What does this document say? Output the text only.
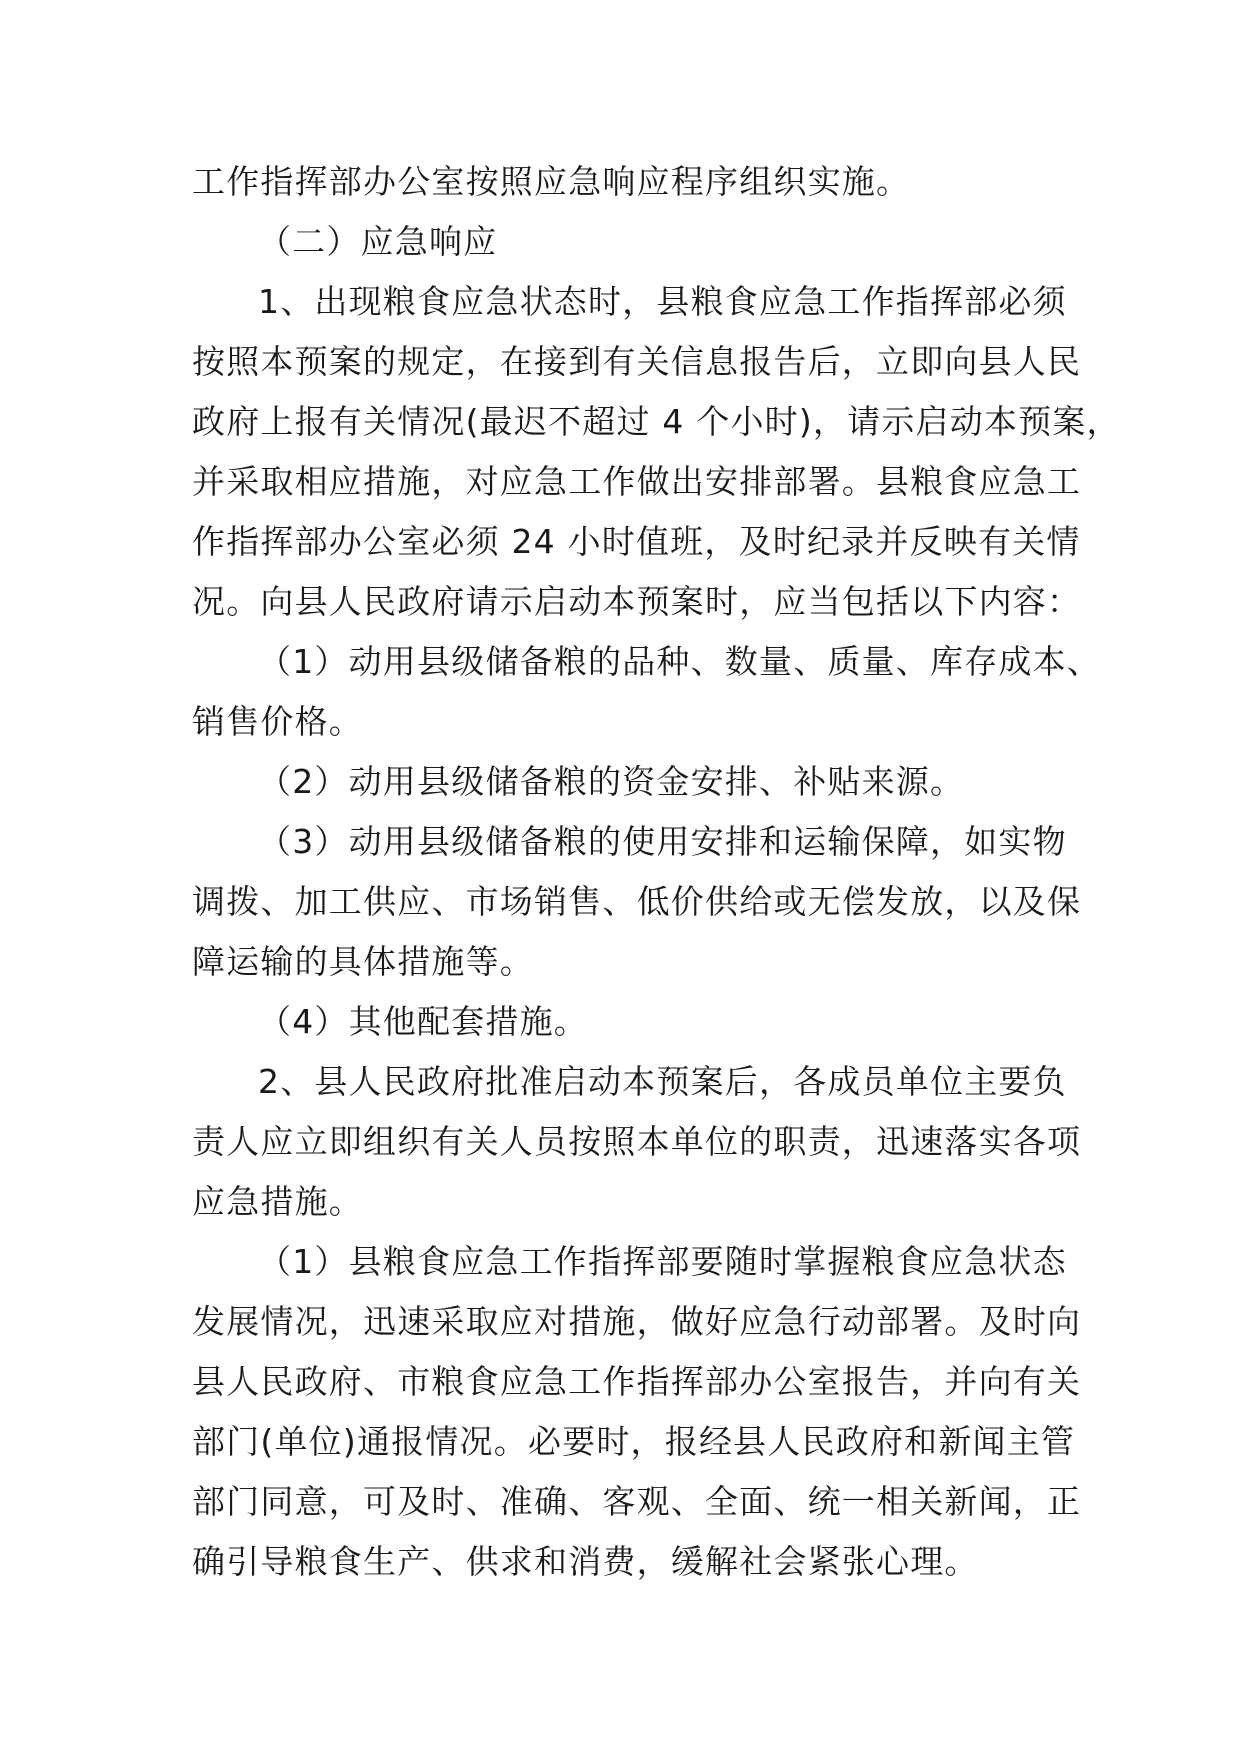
工作指挥部办公室按照应急响应程序组织实施。
（二）应急响应
1、出现粮食应急状态时，县粮食应急工作指挥部必须
按照本预案的规定，在接到有关信息报告后，立即向县人民
政府上报有关情况(最迟不超过 4 个小时)，请示启动本预案，
并采取相应措施，对应急工作做出安排部署。县粮食应急工
作指挥部办公室必须 24 小时值班，及时纪录并反映有关情
况。向县人民政府请示启动本预案时，应当包括以下内容：
（1）动用县级储备粮的品种、数量、质量、库存成本、
销售价格。
（2）动用县级储备粮的资金安排、补贴来源。
（3）动用县级储备粮的使用安排和运输保障，如实物
调拨、加工供应、市场销售、低价供给或无偿发放，以及保
障运输的具体措施等。
（4）其他配套措施。
2、县人民政府批准启动本预案后，各成员单位主要负
责人应立即组织有关人员按照本单位的职责，迅速落实各项
应急措施。
（1）县粮食应急工作指挥部要随时掌握粮食应急状态
发展情况，迅速采取应对措施，做好应急行动部署。及时向
县人民政府、市粮食应急工作指挥部办公室报告，并向有关
部门(单位)通报情况。必要时，报经县人民政府和新闻主管
部门同意，可及时、准确、客观、全面、统一相关新闻，正
确引导粮食生产、供求和消费，缓解社会紧张心理。
